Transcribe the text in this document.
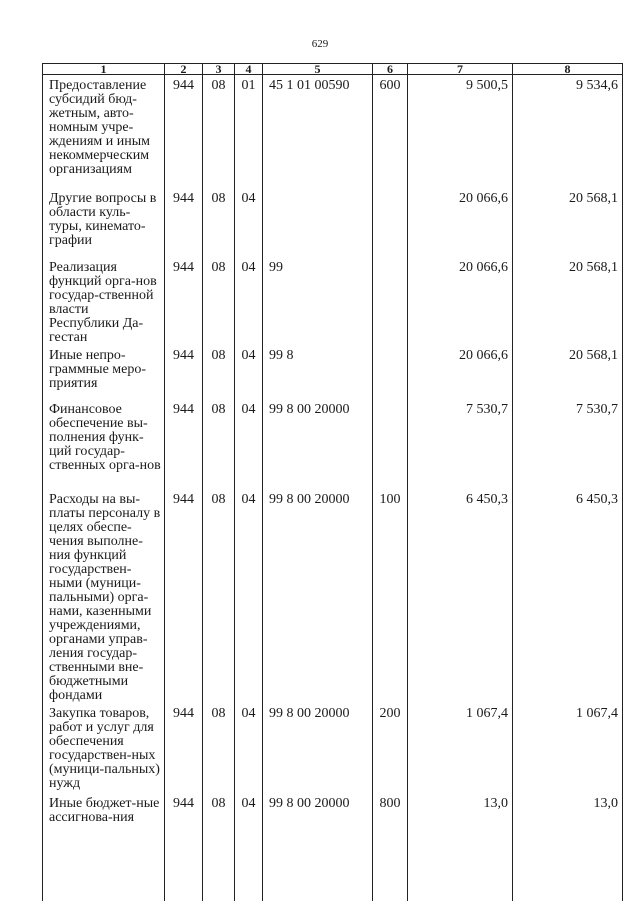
629
1	2	3	4	5	6	7	8
Предоставление субсидий бюд-жетным, авто-номным учре-ждениям и иным некоммерческим организациям	944	08	01	45 1 01 00590	600	9 500,5	9 534,6
Другие вопросы в области куль-туры, кинемато-графии	944	08	04			20 066,6	20 568,1
Реализация функций орга-нов государ-ственной власти Республики Да-гестан	944	08	04	99		20 066,6	20 568,1
Иные непро-граммные меро-приятия	944	08	04	99 8		20 066,6	20 568,1
Финансовое обеспечение вы-полнения функ-ций государ-ственных орга-нов	944	08	04	99 8 00 20000		7 530,7	7 530,7
Расходы на вы-платы персоналу в целях обеспе-чения выполне-ния функций государствен-ными (муници-пальными) орга-нами, казенными учреждениями, органами управ-ления государ-ственными вне-бюджетными фондами	944	08	04	99 8 00 20000	100	6 450,3	6 450,3
Закупка товаров, работ и услуг для обеспечения государствен-ных (муници-пальных) нужд	944	08	04	99 8 00 20000	200	1 067,4	1 067,4
Иные бюджет-ные ассигнова-ния	944	08	04	99 8 00 20000	800	13,0	13,0
